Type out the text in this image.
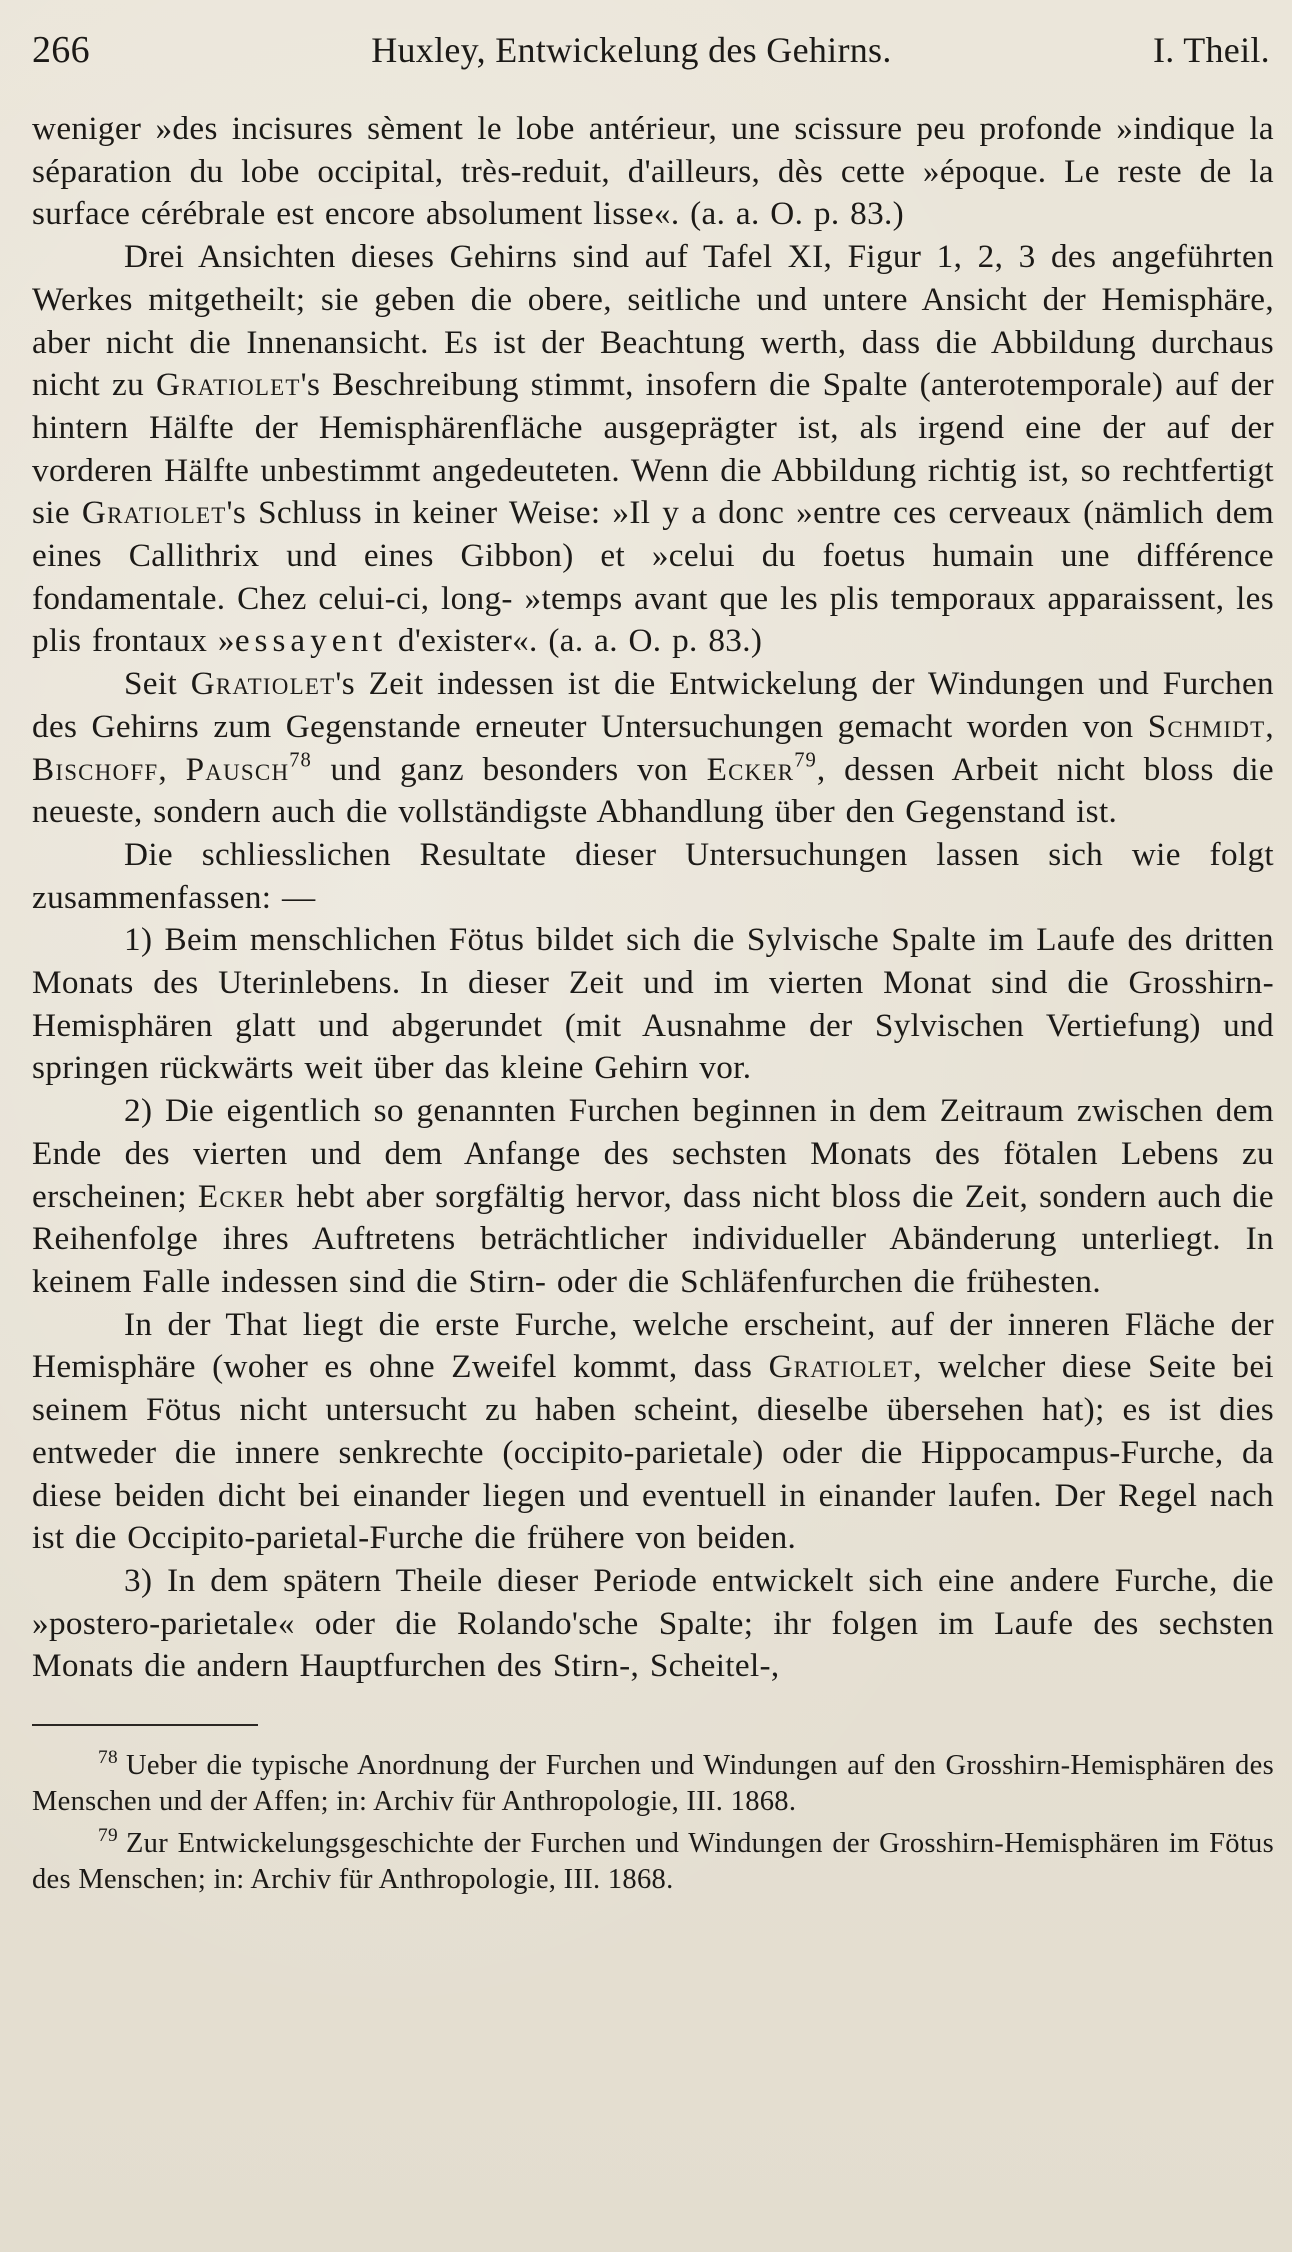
266	Huxley, Entwickelung des Gehirns.	I. Theil.

weniger »des incisures sèment le lobe antérieur, une scissure peu profonde »indique la séparation du lobe occipital, très-reduit, d'ailleurs, dès cette »époque. Le reste de la surface cérébrale est encore absolument lisse«. (a. a. O. p. 83.)

Drei Ansichten dieses Gehirns sind auf Tafel XI, Figur 1, 2, 3 des angeführten Werkes mitgetheilt; sie geben die obere, seitliche und untere Ansicht der Hemisphäre, aber nicht die Innenansicht. Es ist der Beachtung werth, dass die Abbildung durchaus nicht zu Gratiolet's Beschreibung stimmt, insofern die Spalte (anterotemporale) auf der hintern Hälfte der Hemisphärenfläche ausgeprägter ist, als irgend eine der auf der vorderen Hälfte unbestimmt angedeuteten. Wenn die Abbildung richtig ist, so rechtfertigt sie Gratiolet's Schluss in keiner Weise: »Il y a donc »entre ces cerveaux (nämlich dem eines Callithrix und eines Gibbon) et »celui du foetus humain une différence fondamentale. Chez celui-ci, long- »temps avant que les plis temporaux apparaissent, les plis frontaux »essayent d'exister«. (a. a. O. p. 83.)

Seit Gratiolet's Zeit indessen ist die Entwickelung der Windungen und Furchen des Gehirns zum Gegenstande erneuter Untersuchungen gemacht worden von Schmidt, Bischoff, Pausch$^{78}$ und ganz besonders von Ecker$^{79}$, dessen Arbeit nicht bloss die neueste, sondern auch die vollständigste Abhandlung über den Gegenstand ist.

Die schliesslichen Resultate dieser Untersuchungen lassen sich wie folgt zusammenfassen: —

1) Beim menschlichen Fötus bildet sich die Sylvische Spalte im Laufe des dritten Monats des Uterinlebens. In dieser Zeit und im vierten Monat sind die Grosshirn-Hemisphären glatt und abgerundet (mit Ausnahme der Sylvischen Vertiefung) und springen rückwärts weit über das kleine Gehirn vor.

2) Die eigentlich so genannten Furchen beginnen in dem Zeitraum zwischen dem Ende des vierten und dem Anfange des sechsten Monats des fötalen Lebens zu erscheinen; Ecker hebt aber sorgfältig hervor, dass nicht bloss die Zeit, sondern auch die Reihenfolge ihres Auftretens beträchtlicher individueller Abänderung unterliegt. In keinem Falle indessen sind die Stirn- oder die Schläfenfurchen die frühesten.

In der That liegt die erste Furche, welche erscheint, auf der inneren Fläche der Hemisphäre (woher es ohne Zweifel kommt, dass Gratiolet, welcher diese Seite bei seinem Fötus nicht untersucht zu haben scheint, dieselbe übersehen hat); es ist dies entweder die innere senkrechte (occipito-parietale) oder die Hippocampus-Furche, da diese beiden dicht bei einander liegen und eventuell in einander laufen. Der Regel nach ist die Occipito-parietal-Furche die frühere von beiden.

3) In dem spätern Theile dieser Periode entwickelt sich eine andere Furche, die »postero-parietale« oder die Rolando'sche Spalte; ihr folgen im Laufe des sechsten Monats die andern Hauptfurchen des Stirn-, Scheitel-,

$^{78}$ Ueber die typische Anordnung der Furchen und Windungen auf den Grosshirn-Hemisphären des Menschen und der Affen; in: Archiv für Anthropologie, III. 1868.

$^{79}$ Zur Entwickelungsgeschichte der Furchen und Windungen der Grosshirn-Hemisphären im Fötus des Menschen; in: Archiv für Anthropologie, III. 1868.
